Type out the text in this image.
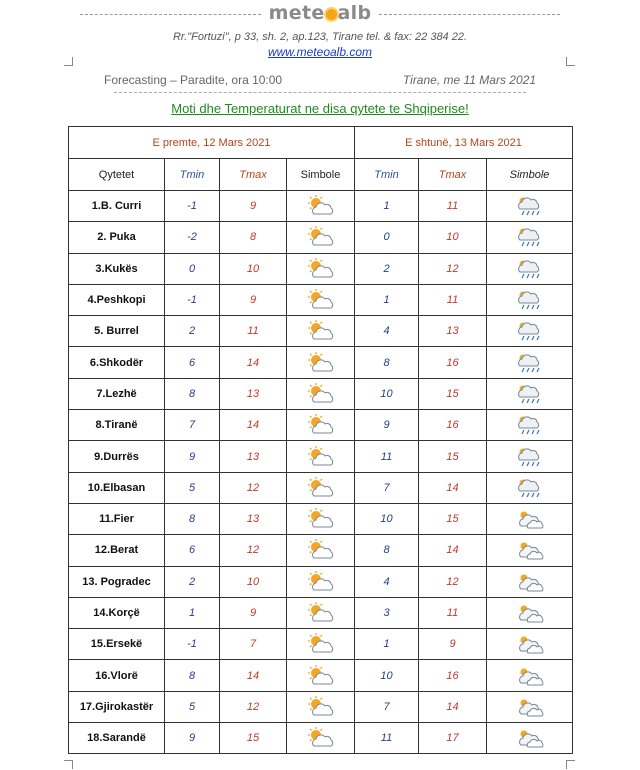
mete alb
Rr."Fortuzi", p 33, sh. 2, ap.123, Tirane tel. & fax: 22 384 22.
www.meteoalb.com
Forecasting – Paradite, ora 10:00	Tirane, me 11 Mars 2021
Moti dhe Temperaturat ne disa qytete te Shqiperise!
E premte, 12 Mars 2021				E shtunë, 13 Mars 2021		
Qytetet	Tmin	Tmax	Simbole	Tmin	Tmax	Simbole
1.B. Curri	-1	9		1	11	

2. Puka	-2	8		0	10	

3.Kukës	0	10		2	12	

4.Peshkopi	-1	9		1	11	

5. Burrel	2	11		4	13	

6.Shkodër	6	14		8	16	

7.Lezhë	8	13		10	15	

8.Tiranë	7	14		9	16	

9.Durrës	9	13		11	15	

10.Elbasan	5	12		7	14	

11.Fier	8	13		10	15	

12.Berat	6	12		8	14	

13. Pogradec	2	10		4	12	

14.Korçë	1	9		3	11	

15.Ersekë	-1	7		1	9	

16.Vlorë	8	14		10	16	

17.Gjirokastër	5	12		7	14	

18.Sarandë	9	15		11	17	
